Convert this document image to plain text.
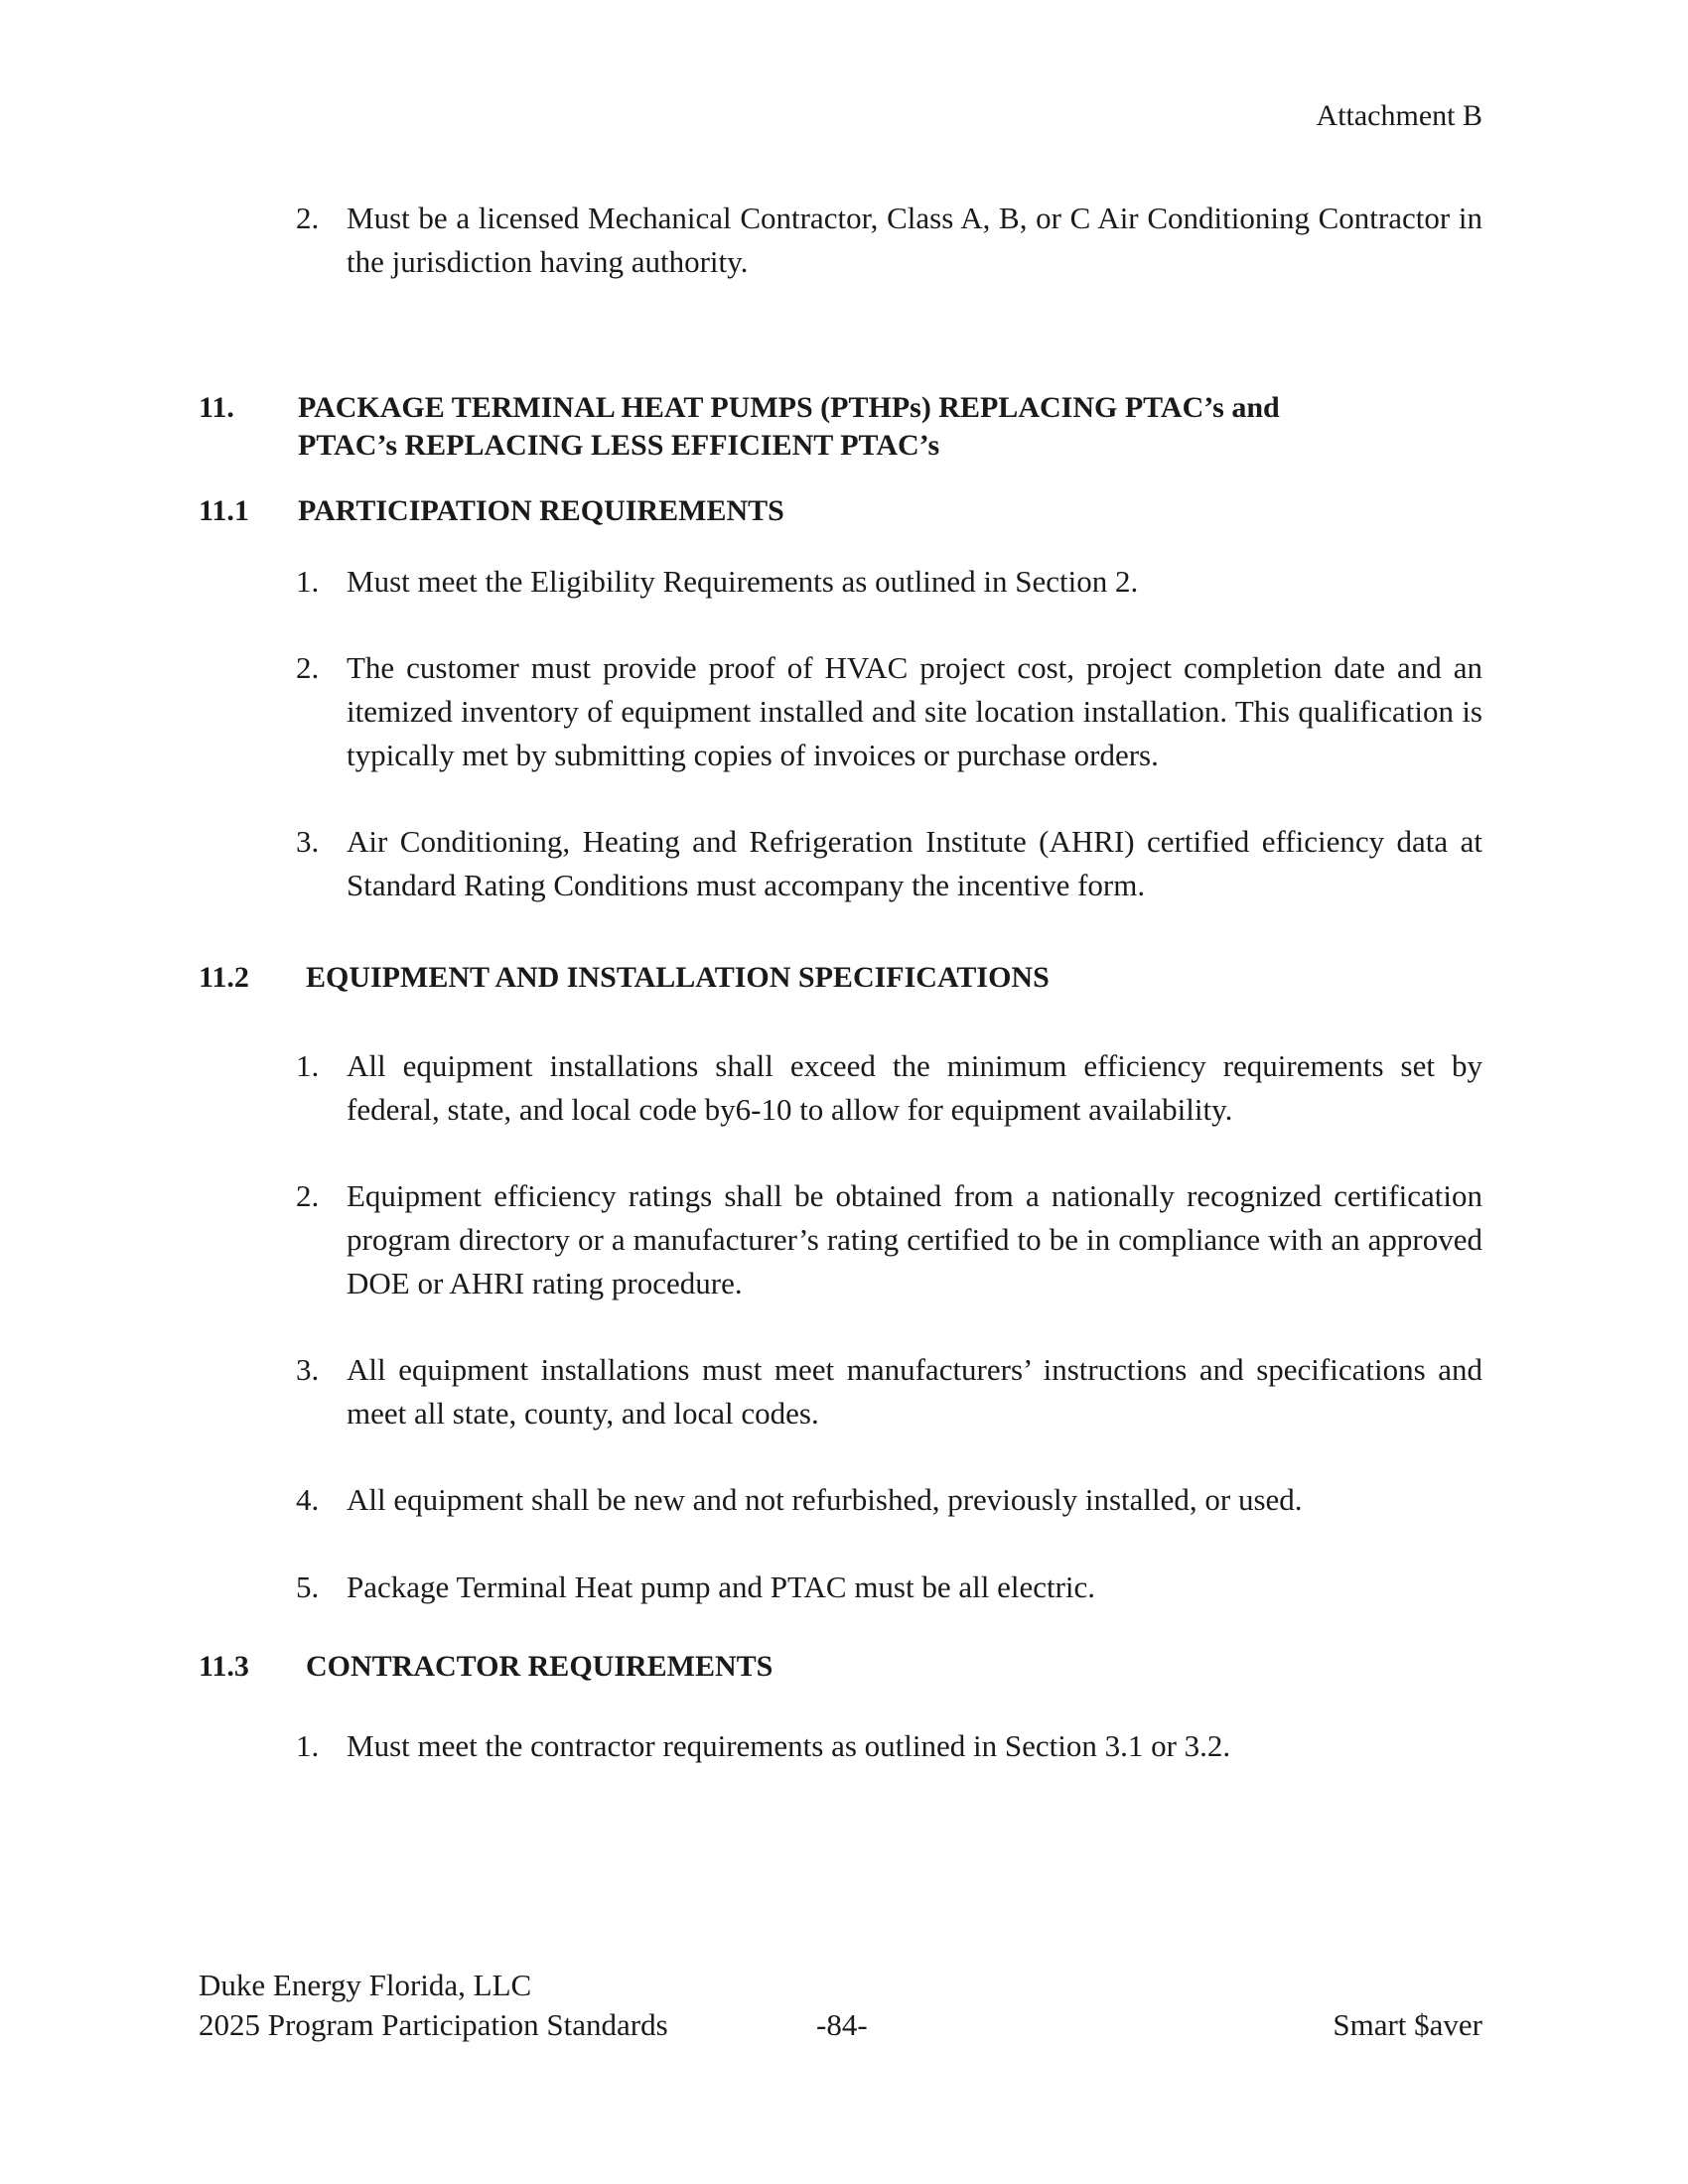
Attachment B
2. Must be a licensed Mechanical Contractor, Class A, B, or C Air Conditioning Contractor in the jurisdiction having authority.
11. PACKAGE TERMINAL HEAT PUMPS (PTHPs) REPLACING PTAC’s and
PTAC’s REPLACING LESS EFFICIENT PTAC’s
11.1 PARTICIPATION REQUIREMENTS
1. Must meet the Eligibility Requirements as outlined in Section 2.
2. The customer must provide proof of HVAC project cost, project completion date and an itemized inventory of equipment installed and site location installation. This qualification is typically met by submitting copies of invoices or purchase orders.
3. Air Conditioning, Heating and Refrigeration Institute (AHRI) certified efficiency data at Standard Rating Conditions must accompany the incentive form.
11.2 EQUIPMENT AND INSTALLATION SPECIFICATIONS
1. All equipment installations shall exceed the minimum efficiency requirements set by federal, state, and local code by6-10 to allow for equipment availability.
2. Equipment efficiency ratings shall be obtained from a nationally recognized certification program directory or a manufacturer’s rating certified to be in compliance with an approved DOE or AHRI rating procedure.
3. All equipment installations must meet manufacturers’ instructions and specifications and meet all state, county, and local codes.
4. All equipment shall be new and not refurbished, previously installed, or used.
5. Package Terminal Heat pump and PTAC must be all electric.
11.3 CONTRACTOR REQUIREMENTS
1. Must meet the contractor requirements as outlined in Section 3.1 or 3.2.
Duke Energy Florida, LLC
2025 Program Participation Standards	-84-	Smart $aver
